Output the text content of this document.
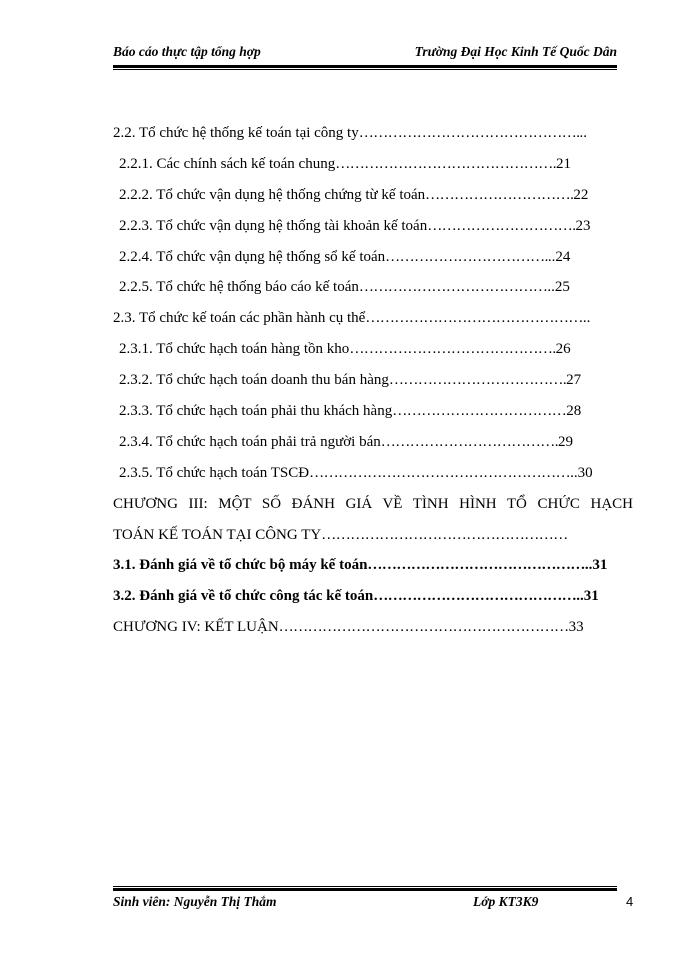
Báo cáo thực tập tổng hợp	Trường Đại Học Kinh Tế Quốc Dân
2.2. Tổ chức hệ thống kế toán tại công ty………………………………………...
2.2.1. Các chính sách kế toán chung……………………………………….21
2.2.2. Tổ chức vận dụng hệ thống chứng từ kế toán………………………….22
2.2.3. Tổ chức vận dụng hệ thống tài khoản kế toán………………………….23
2.2.4. Tổ chức vận dụng hệ thống sổ kế toán……………………………...24
2.2.5. Tổ chức hệ thống báo cáo kế toán…………………………………..25
2.3. Tổ chức kế toán các phần hành cụ thể………………………………………..
2.3.1. Tổ chức hạch toán hàng tồn kho…………………………………….26
2.3.2. Tổ chức hạch toán doanh thu bán hàng……………………………….27
2.3.3. Tổ chức hạch toán phải thu khách hàng………………………………28
2.3.4. Tổ chức hạch toán phải trả người bán……………………………….29
2.3.5. Tổ chức hạch toán TSCĐ………………………………………………..30
CHƯƠNG III: MỘT SỐ ĐÁNH GIÁ VỀ TÌNH HÌNH TỔ CHỨC HẠCH
TOÁN KẾ TOÁN TẠI CÔNG TY……………………………………………
3.1. Đánh giá về tổ chức bộ máy kế toán………………………………………..31
3.2. Đánh giá về tổ chức công tác kế toán……………………………………..31
CHƯƠNG IV: KẾT LUẬN……………………………………………………33
Sinh viên: Nguyễn Thị Thắm	Lớp KT3K9	4
